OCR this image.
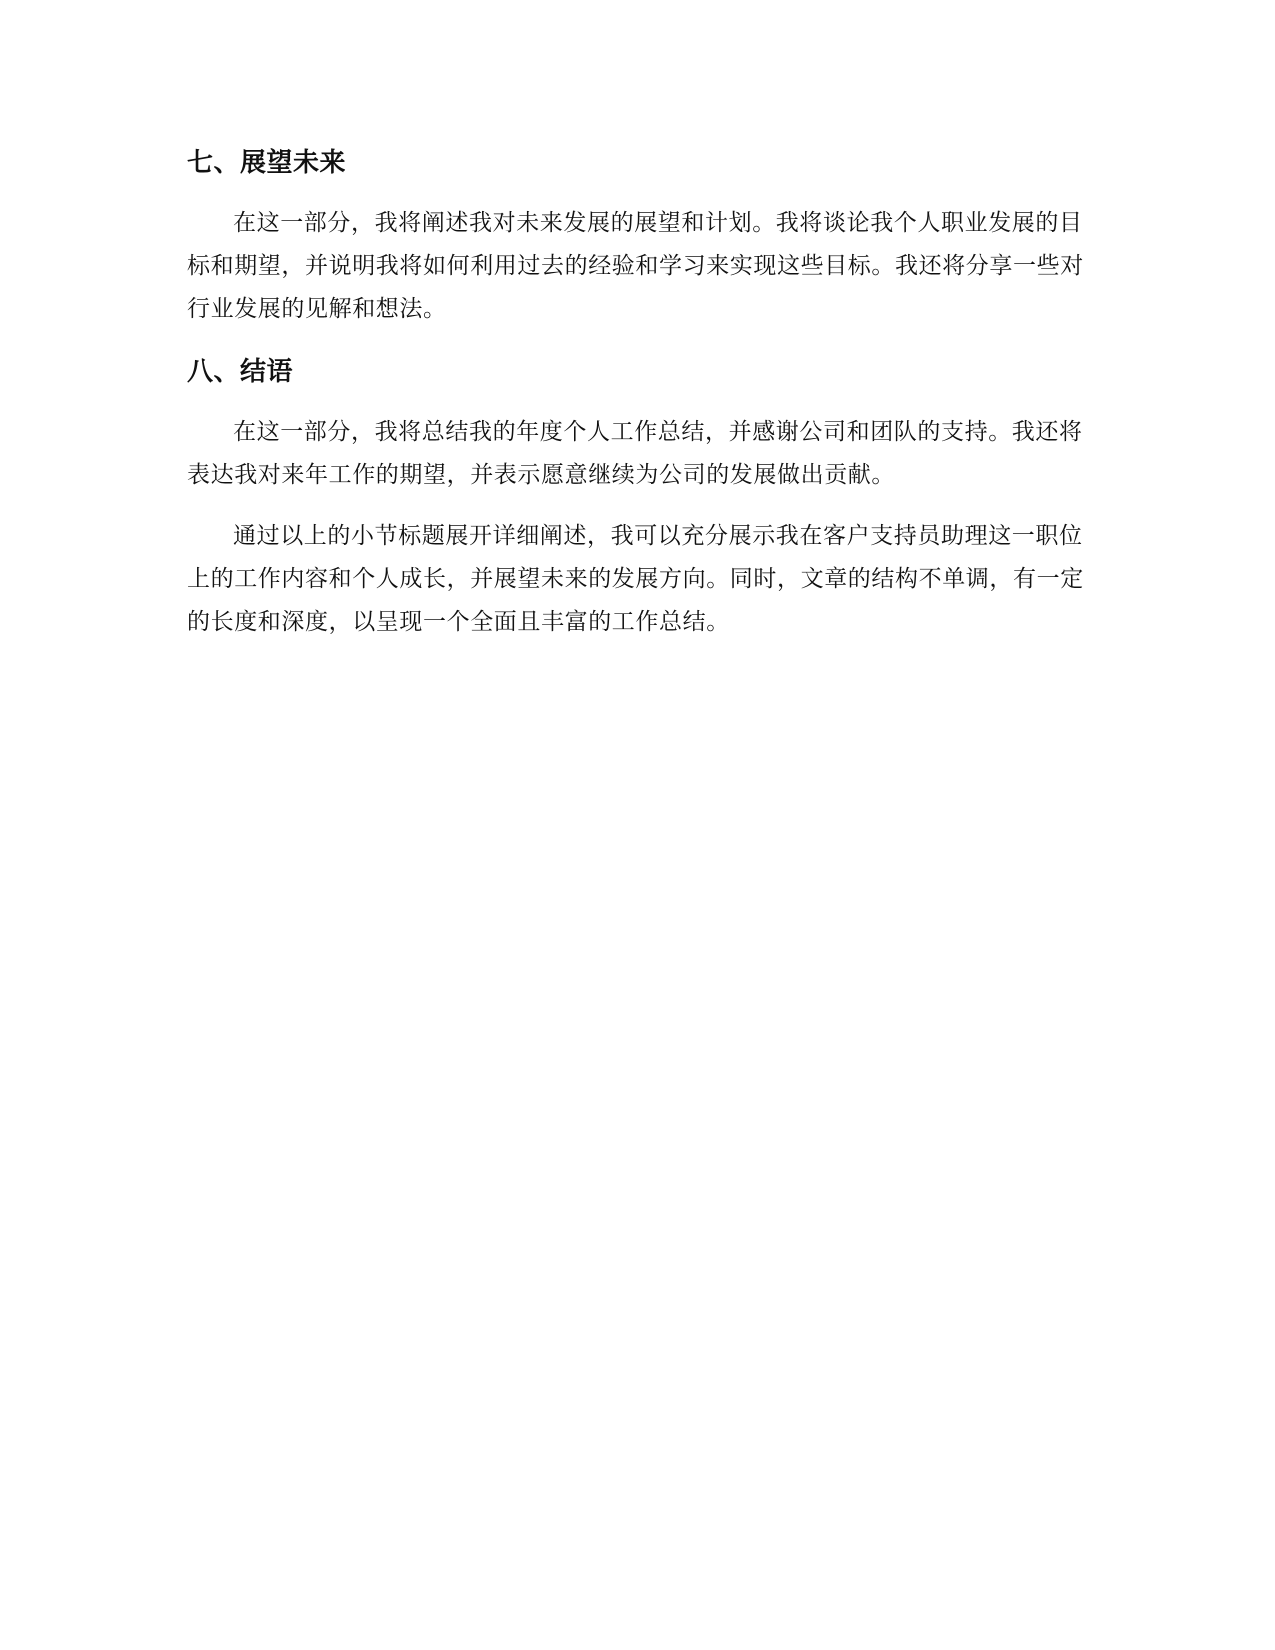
七、展望未来

在这一部分，我将阐述我对未来发展的展望和计划。我将谈论我个人职业发展的目标和期望，并说明我将如何利用过去的经验和学习来实现这些目标。我还将分享一些对行业发展的见解和想法。

八、结语

在这一部分，我将总结我的年度个人工作总结，并感谢公司和团队的支持。我还将表达我对来年工作的期望，并表示愿意继续为公司的发展做出贡献。

通过以上的小节标题展开详细阐述，我可以充分展示我在客户支持员助理这一职位上的工作内容和个人成长，并展望未来的发展方向。同时，文章的结构不单调，有一定的长度和深度，以呈现一个全面且丰富的工作总结。
